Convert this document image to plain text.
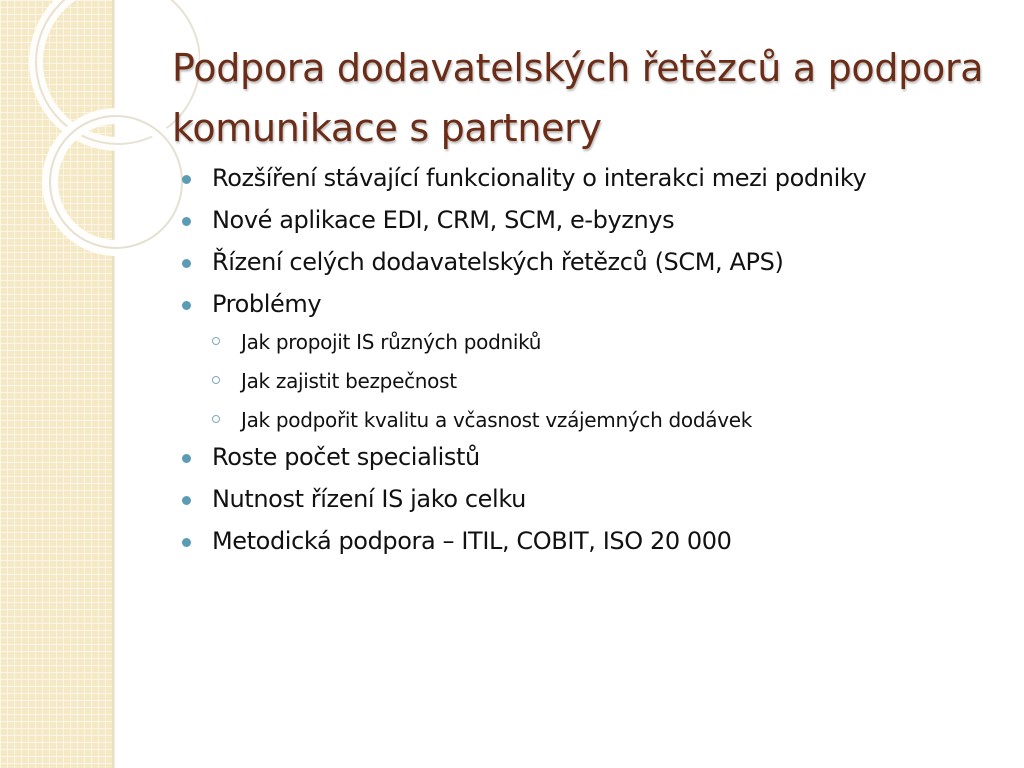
Podpora dodavatelských řetězců a podpora komunikace s partnery
Rozšíření stávající funkcionality o interakci mezi podniky
Nové aplikace EDI, CRM, SCM, e-byznys
Řízení celých dodavatelských řetězců (SCM, APS)
Problémy
Jak propojit IS různých podniků
Jak zajistit bezpečnost
Jak podpořit kvalitu a včasnost vzájemných dodávek
Roste počet specialistů
Nutnost řízení IS jako celku
Metodická podpora – ITIL, COBIT, ISO 20 000
